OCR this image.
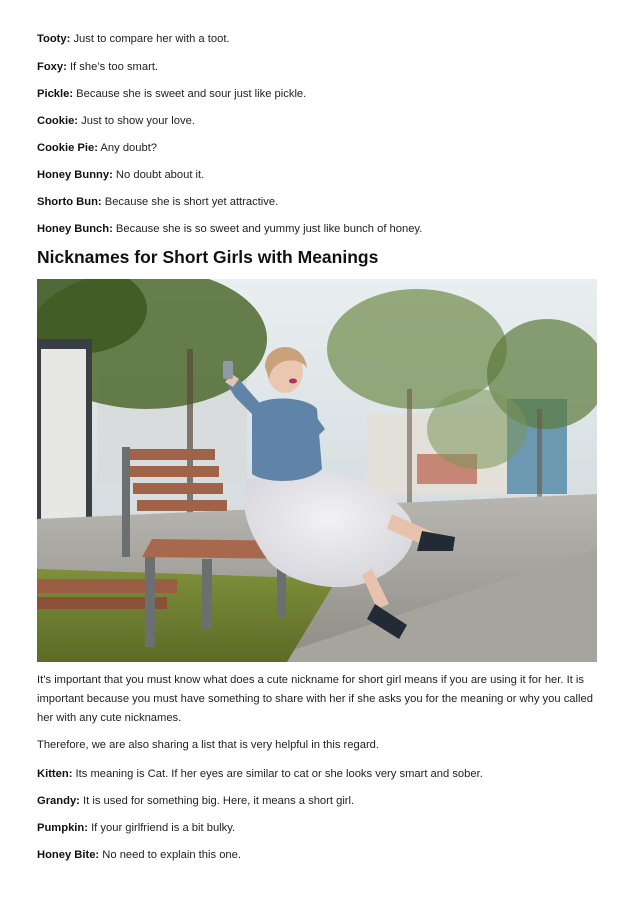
Tooty: Just to compare her with a toot.

Foxy: If she’s too smart.

Pickle: Because she is sweet and sour just like pickle.

Cookie: Just to show your love.

Cookie Pie: Any doubt?

Honey Bunny: No doubt about it.

Shorto Bun: Because she is short yet attractive.

Honey Bunch: Because she is so sweet and yummy just like bunch of honey.

Nicknames for Short Girls with Meanings

It’s important that you must know what does a cute nickname for short girl means if you are using it for her. It is important because you must have something to share with her if she asks you for the meaning or why you called her with any cute nicknames.

Therefore, we are also sharing a list that is very helpful in this regard.

Kitten: Its meaning is Cat. If her eyes are similar to cat or she looks very smart and sober.

Grandy: It is used for something big. Here, it means a short girl.

Pumpkin: If your girlfriend is a bit bulky.

Honey Bite: No need to explain this one.
